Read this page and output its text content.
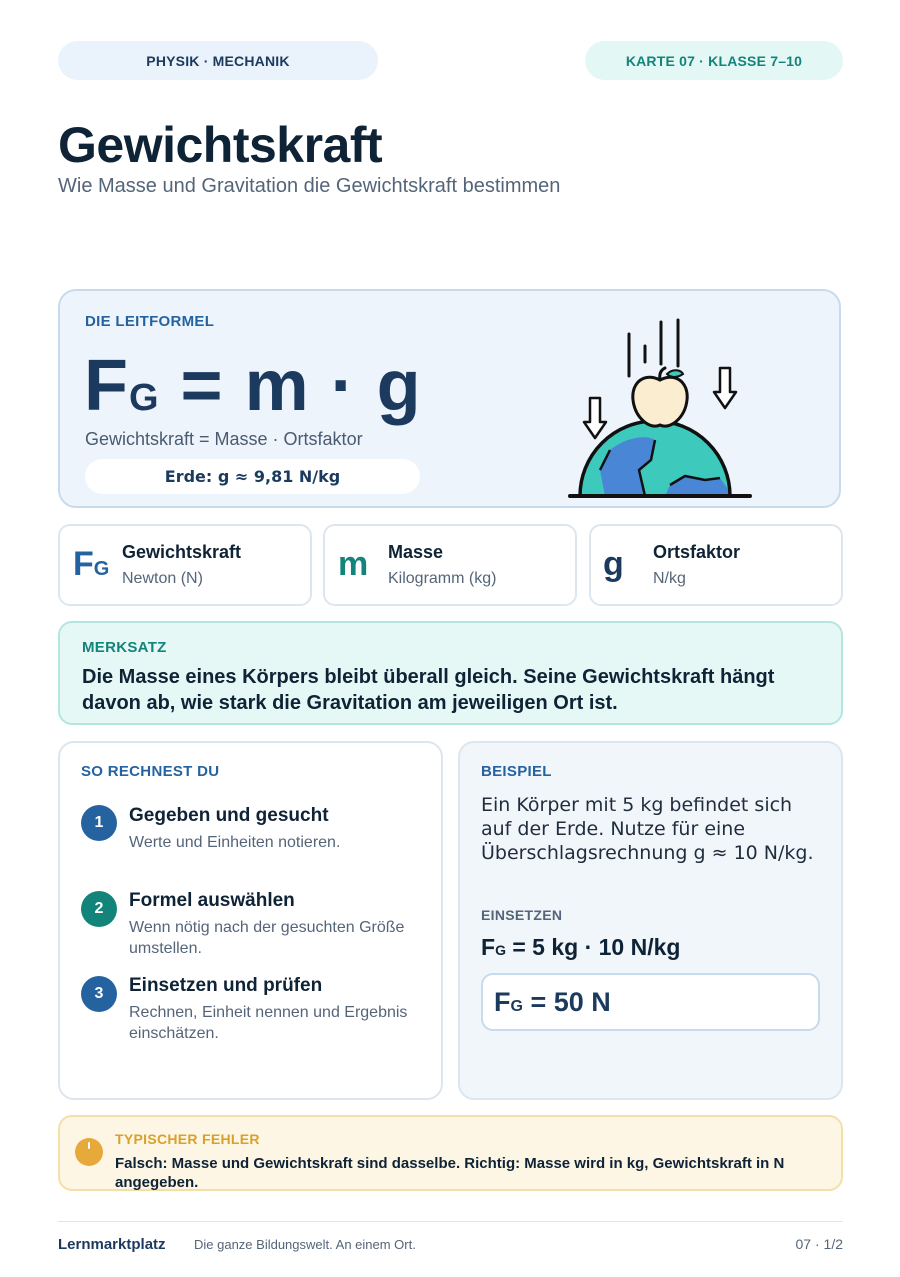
PHYSIK · MECHANIK	KARTE 07 · KLASSE 7–10
Gewichtskraft
Wie Masse und Gravitation die Gewichtskraft bestimmen
DIE LEITFORMEL
FG = m · g
Gewichtskraft = Masse · Ortsfaktor
Erde: g ≈ 9,81 N/kg
FG
Gewichtskraft
Newton (N)	m Masse
Kilogramm (kg)	g Ortsfaktor
N/kg
MERKSATZ
Die Masse eines Körpers bleibt überall gleich. Seine Gewichtskraft hängt davon ab, wie stark die Gravitation am jeweiligen Ort ist.
SO RECHNEST DU
1	Gegeben und gesucht
Werte und Einheiten notieren.
2	Formel auswählen
Wenn nötig nach der gesuchten Größe umstellen.
3	Einsetzen und prüfen
Rechnen, Einheit nennen und Ergebnis einschätzen.
BEISPIEL
Ein Körper mit 5 kg befindet sich auf der Erde. Nutze für eine Überschlagsrechnung g ≈ 10 N/kg.
EINSETZEN
FG = 5 kg · 10 N/kg
FG = 50 N
TYPISCHER FEHLER
Falsch: Masse und Gewichtskraft sind dasselbe. Richtig: Masse wird in kg, Gewichtskraft in N angegeben.
Lernmarktplatz Die ganze Bildungswelt. An einem Ort.	07 · 1/2
